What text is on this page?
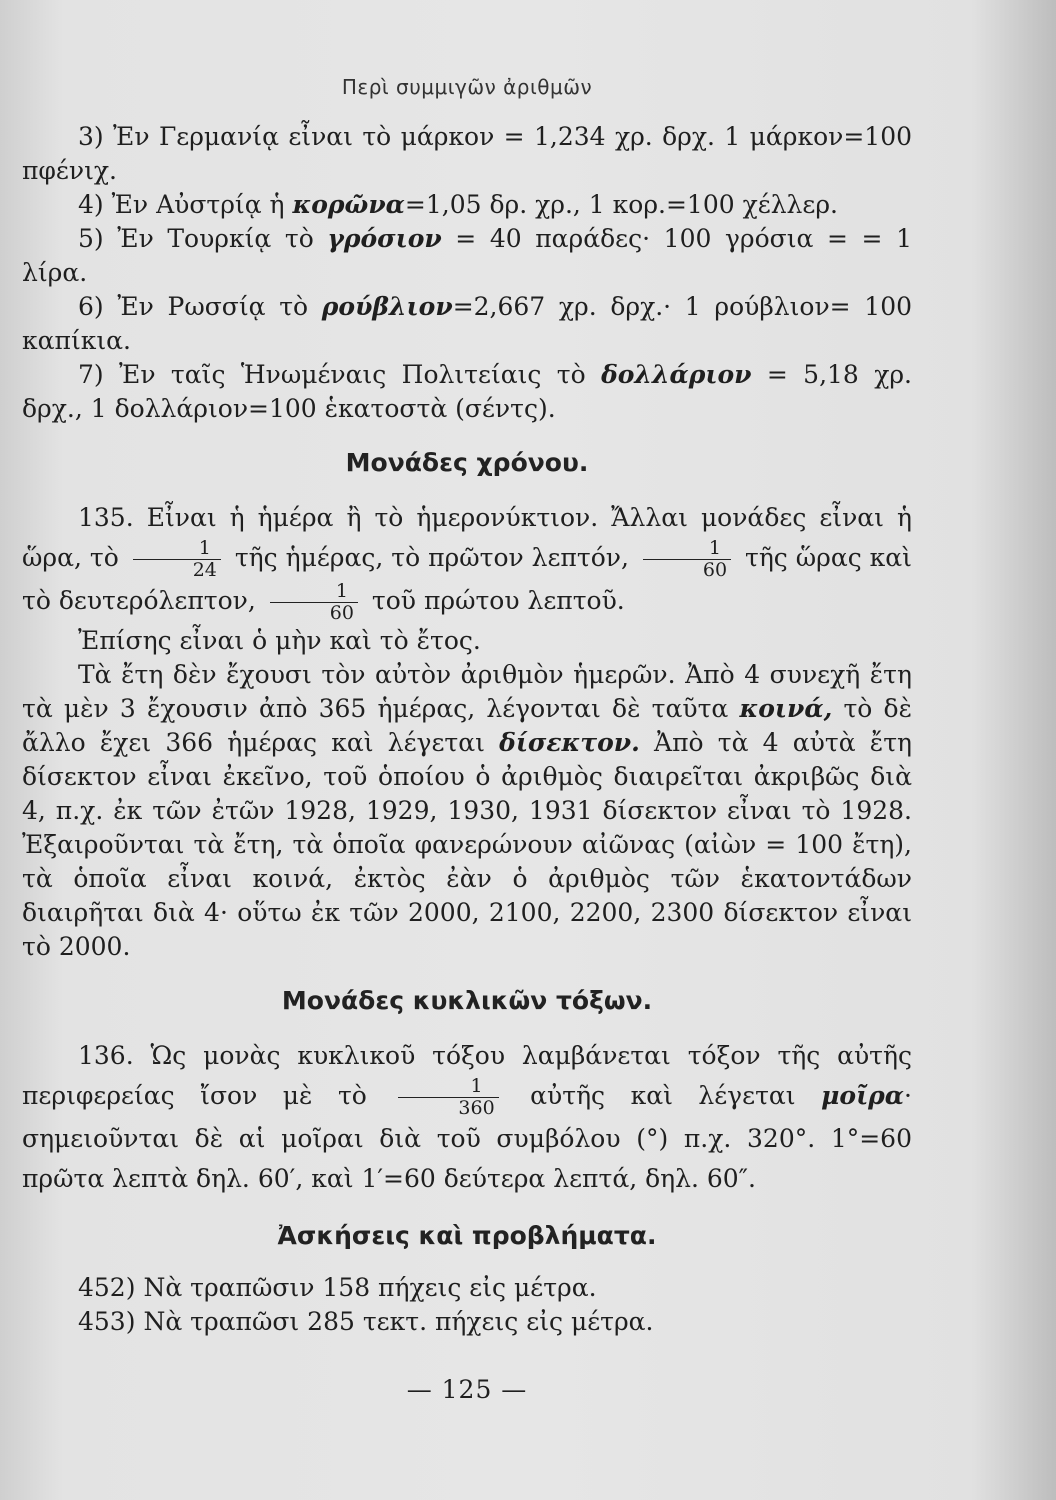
Περὶ συμμιγῶν ἀριθμῶν

3) Ἐν Γερμανίᾳ εἶναι τὸ μάρκον = 1,234 χρ. δρχ. 1 μάρκον=100 πφένιχ.

4) Ἐν Αὐστρίᾳ ἡ κορῶνα=1,05 δρ. χρ., 1 κορ.=100 χέλλερ.

5) Ἐν Τουρκίᾳ τὸ γρόσιον = 40 παράδες· 100 γρόσια = = 1 λίρα.

6) Ἐν Ρωσσίᾳ τὸ ρούβλιον=2,667 χρ. δρχ.· 1 ρούβλιον= 100 καπίκια.

7) Ἐν ταῖς Ἡνωμέναις Πολιτείαις τὸ δολλάριον = 5,18 χρ. δρχ., 1 δολλάριον=100 ἑκατοστὰ (σέντς).

Μονάδες χρόνου.

135. Εἶναι ἡ ἡμέρα ἢ τὸ ἡμερονύκτιον. Ἄλλαι μονάδες εἶναι ἡ ὥρα, τὸ $\frac{1}{24}$ τῆς ἡμέρας, τὸ πρῶτον λεπτόν, $\frac{1}{60}$ τῆς ὥρας καὶ τὸ δευτερόλεπτον, $\frac{1}{60}$ τοῦ πρώτου λεπτοῦ.

Ἐπίσης εἶναι ὁ μὴν καὶ τὸ ἔτος.

Τὰ ἔτη δὲν ἔχουσι τὸν αὐτὸν ἀριθμὸν ἡμερῶν. Ἀπὸ 4 συνεχῆ ἔτη τὰ μὲν 3 ἔχουσιν ἀπὸ 365 ἡμέρας, λέγονται δὲ ταῦτα κοινά, τὸ δὲ ἄλλο ἔχει 366 ἡμέρας καὶ λέγεται δίσεκτον. Ἀπὸ τὰ 4 αὐτὰ ἔτη δίσεκτον εἶναι ἐκεῖνο, τοῦ ὁποίου ὁ ἀριθμὸς διαιρεῖται ἀκριβῶς διὰ 4, π.χ. ἐκ τῶν ἐτῶν 1928, 1929, 1930, 1931 δίσεκτον εἶναι τὸ 1928. Ἐξαιροῦνται τὰ ἔτη, τὰ ὁποῖα φανερώνουν αἰῶνας (αἰὼν = 100 ἔτη), τὰ ὁποῖα εἶναι κοινά, ἐκτὸς ἐὰν ὁ ἀριθμὸς τῶν ἑκατοντάδων διαιρῆται διὰ 4· οὕτω ἐκ τῶν 2000, 2100, 2200, 2300 δίσεκτον εἶναι τὸ 2000.

Μονάδες κυκλικῶν τόξων.

136. Ὡς μονὰς κυκλικοῦ τόξου λαμβάνεται τόξον τῆς αὐτῆς περιφερείας ἴσον μὲ τὸ $\frac{1}{360}$ αὐτῆς καὶ λέγεται μοῖρα· σημειοῦνται δὲ αἱ μοῖραι διὰ τοῦ συμβόλου (°) π.χ. 320°. 1°=60 πρῶτα λεπτὰ δηλ. 60′, καὶ 1′=60 δεύτερα λεπτά, δηλ. 60″.

Ἀσκήσεις καὶ προβλήματα.

452) Νὰ τραπῶσιν 158 πήχεις εἰς μέτρα.

453) Νὰ τραπῶσι 285 τεκτ. πήχεις εἰς μέτρα.

— 125 —
